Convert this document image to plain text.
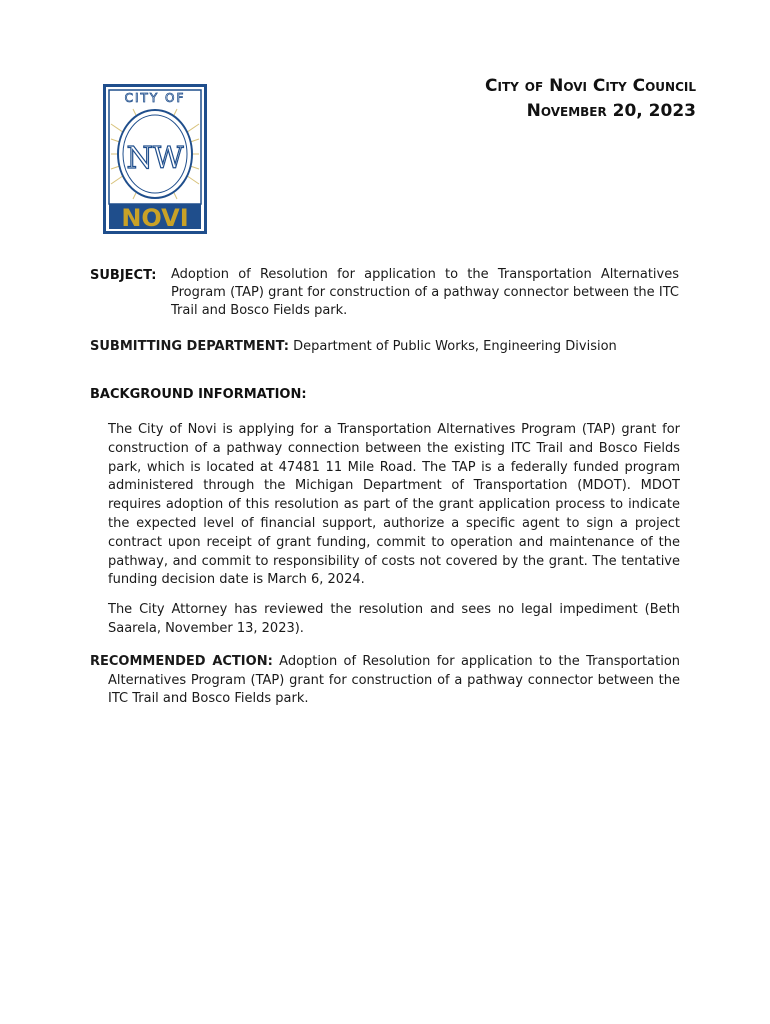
CITY OF
NW
NOVI
City of Novi City Council
November 20, 2023
SUBJECT: Adoption of Resolution for application to the Transportation Alternatives Program (TAP) grant for construction of a pathway connector between the ITC Trail and Bosco Fields park.
SUBMITTING DEPARTMENT: Department of Public Works, Engineering Division
BACKGROUND INFORMATION:
The City of Novi is applying for a Transportation Alternatives Program (TAP) grant for construction of a pathway connection between the existing ITC Trail and Bosco Fields park, which is located at 47481 11 Mile Road. The TAP is a federally funded program administered through the Michigan Department of Transportation (MDOT). MDOT requires adoption of this resolution as part of the grant application process to indicate the expected level of financial support, authorize a specific agent to sign a project contract upon receipt of grant funding, commit to operation and maintenance of the pathway, and commit to responsibility of costs not covered by the grant. The tentative funding decision date is March 6, 2024.
The City Attorney has reviewed the resolution and sees no legal impediment (Beth Saarela, November 13, 2023).
RECOMMENDED ACTION: Adoption of Resolution for application to the Transportation Alternatives Program (TAP) grant for construction of a pathway connector between the ITC Trail and Bosco Fields park.
